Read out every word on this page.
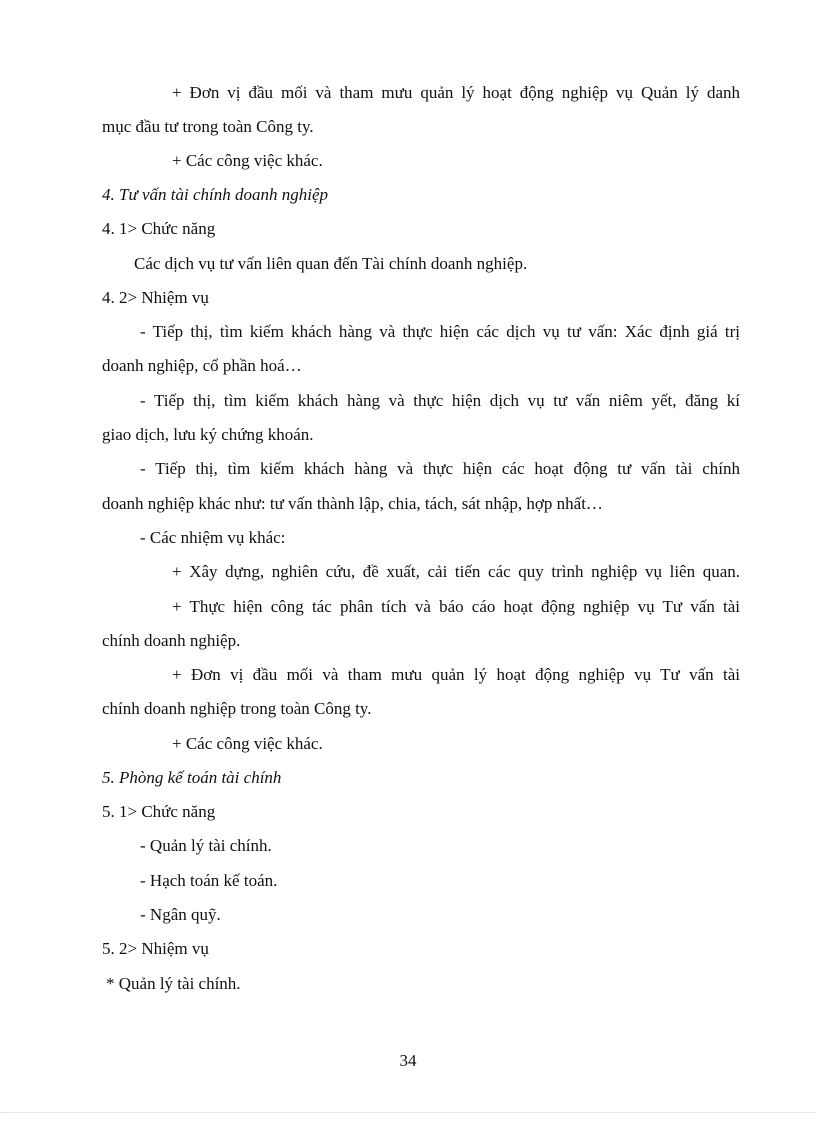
+ Đơn vị đầu mối và tham mưu quản lý hoạt động nghiệp vụ Quản lý danh
mục đầu tư trong toàn Công ty.
+ Các công việc khác.
4. Tư vấn tài chính doanh nghiệp
4. 1> Chức năng
Các dịch vụ tư vấn liên quan đến Tài chính doanh nghiệp.
4. 2> Nhiệm vụ
- Tiếp thị, tìm kiếm khách hàng và thực hiện các dịch vụ tư vấn: Xác định giá trị
doanh nghiệp, cổ phần hoá…
- Tiếp thị, tìm kiếm khách hàng và thực hiện dịch vụ tư vấn niêm yết, đăng kí
giao dịch, lưu ký chứng khoán.
- Tiếp thị, tìm kiếm khách hàng và thực hiện các hoạt động tư vấn tài chính
doanh nghiệp khác như: tư vấn thành lập, chia, tách, sát nhập, hợp nhất…
- Các nhiệm vụ khác:
+ Xây dựng, nghiên cứu, đề xuất, cải tiến các quy trình nghiệp vụ liên quan.
+ Thực hiện công tác phân tích và báo cáo hoạt động nghiệp vụ Tư vấn tài
chính doanh nghiệp.
+ Đơn vị đầu mối và tham mưu quản lý hoạt động nghiệp vụ Tư vấn tài
chính doanh nghiệp trong toàn Công ty.
+ Các công việc khác.
5. Phòng kế toán tài chính
5. 1> Chức năng
- Quản lý tài chính.
- Hạch toán kế toán.
- Ngân quỹ.
5. 2> Nhiệm vụ
* Quản lý tài chính.
34
